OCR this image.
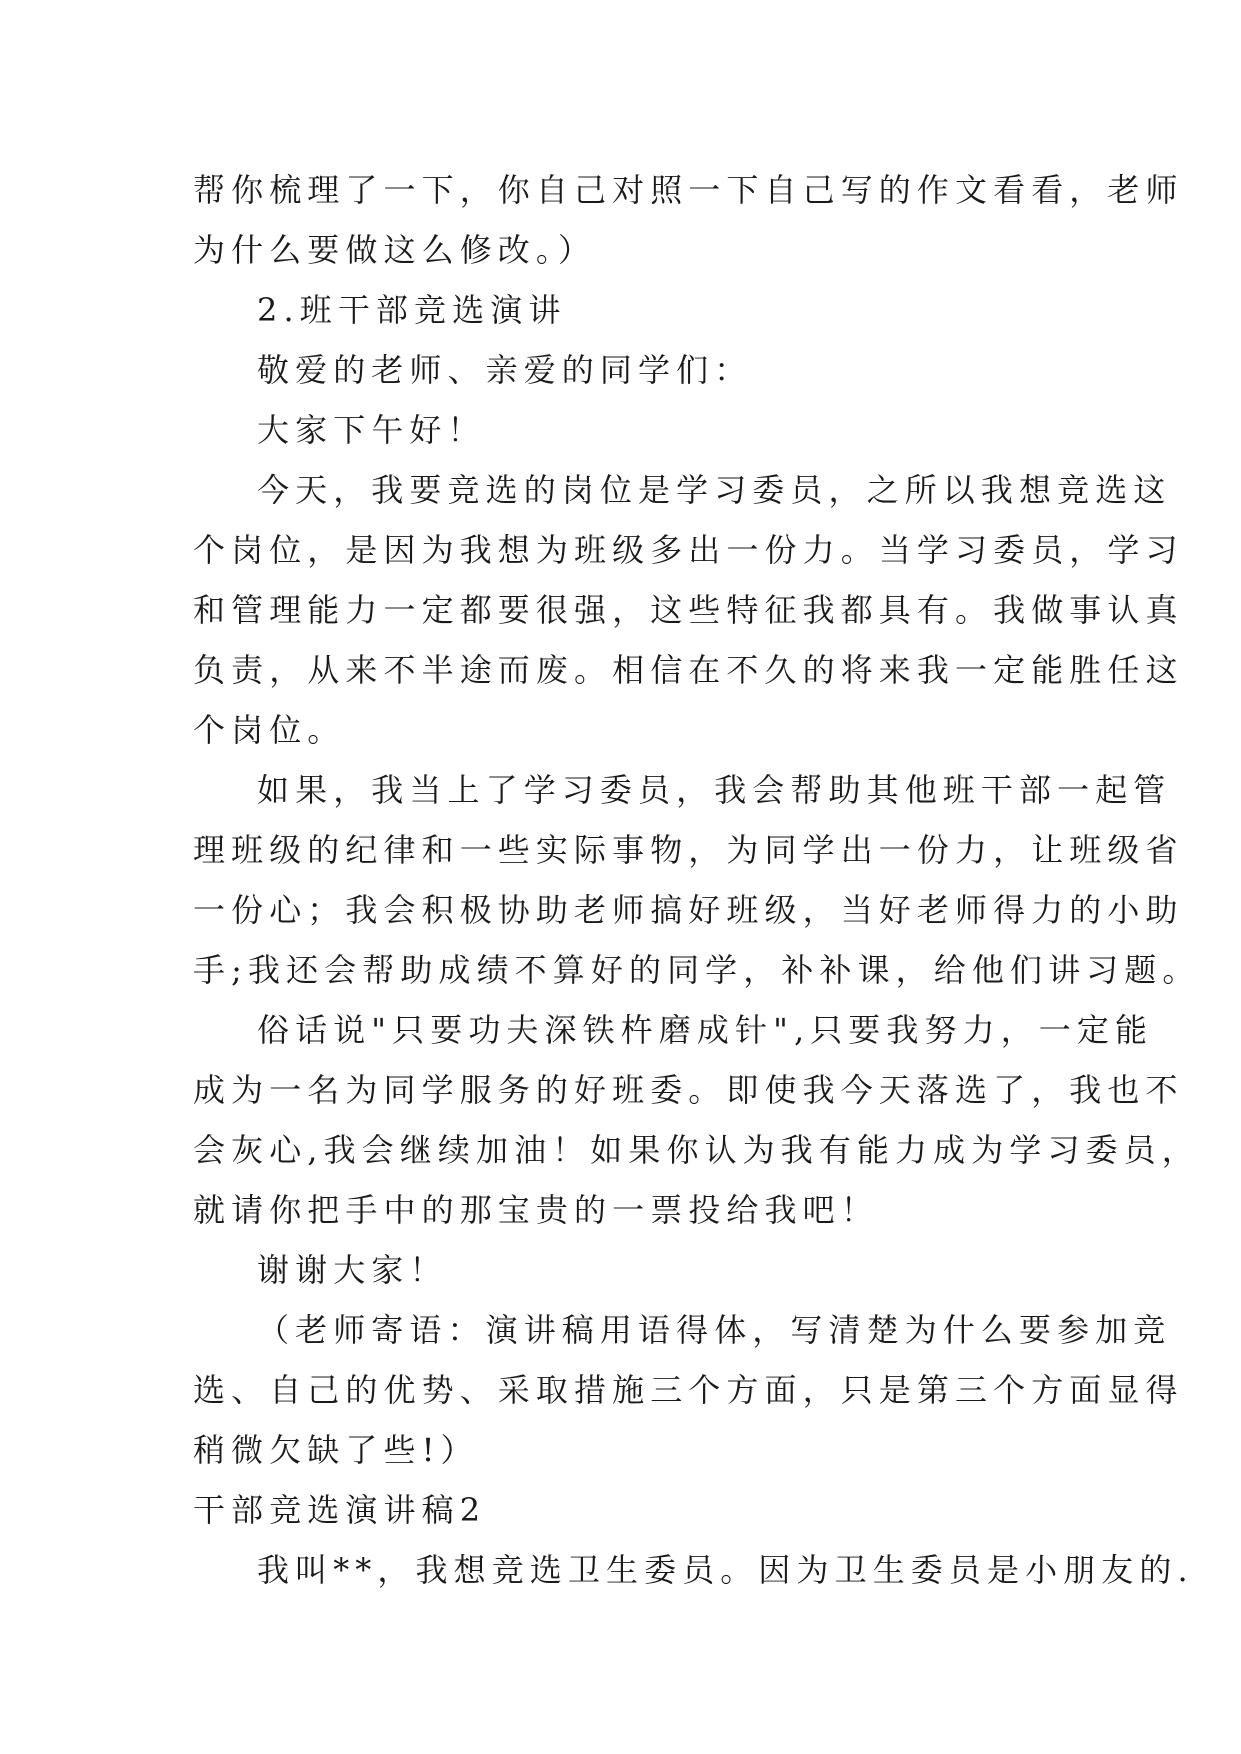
帮你梳理了一下，你自己对照一下自己写的作文看看，老师
为什么要做这么修改。）
2.班干部竞选演讲
敬爱的老师、亲爱的同学们：
大家下午好！
今天，我要竞选的岗位是学习委员，之所以我想竞选这
个岗位，是因为我想为班级多出一份力。当学习委员，学习
和管理能力一定都要很强，这些特征我都具有。我做事认真
负责，从来不半途而废。相信在不久的将来我一定能胜任这
个岗位。
如果，我当上了学习委员，我会帮助其他班干部一起管
理班级的纪律和一些实际事物，为同学出一份力，让班级省
一份心；我会积极协助老师搞好班级，当好老师得力的小助
手;我还会帮助成绩不算好的同学，补补课，给他们讲习题。
俗话说"只要功夫深铁杵磨成针",只要我努力，一定能
成为一名为同学服务的好班委。即使我今天落选了，我也不
会灰心,我会继续加油！如果你认为我有能力成为学习委员，
就请你把手中的那宝贵的一票投给我吧！
谢谢大家！
（老师寄语：演讲稿用语得体，写清楚为什么要参加竞
选、自己的优势、采取措施三个方面，只是第三个方面显得
稍微欠缺了些!）
干部竞选演讲稿2
我叫**，我想竞选卫生委员。因为卫生委员是小朋友的.
